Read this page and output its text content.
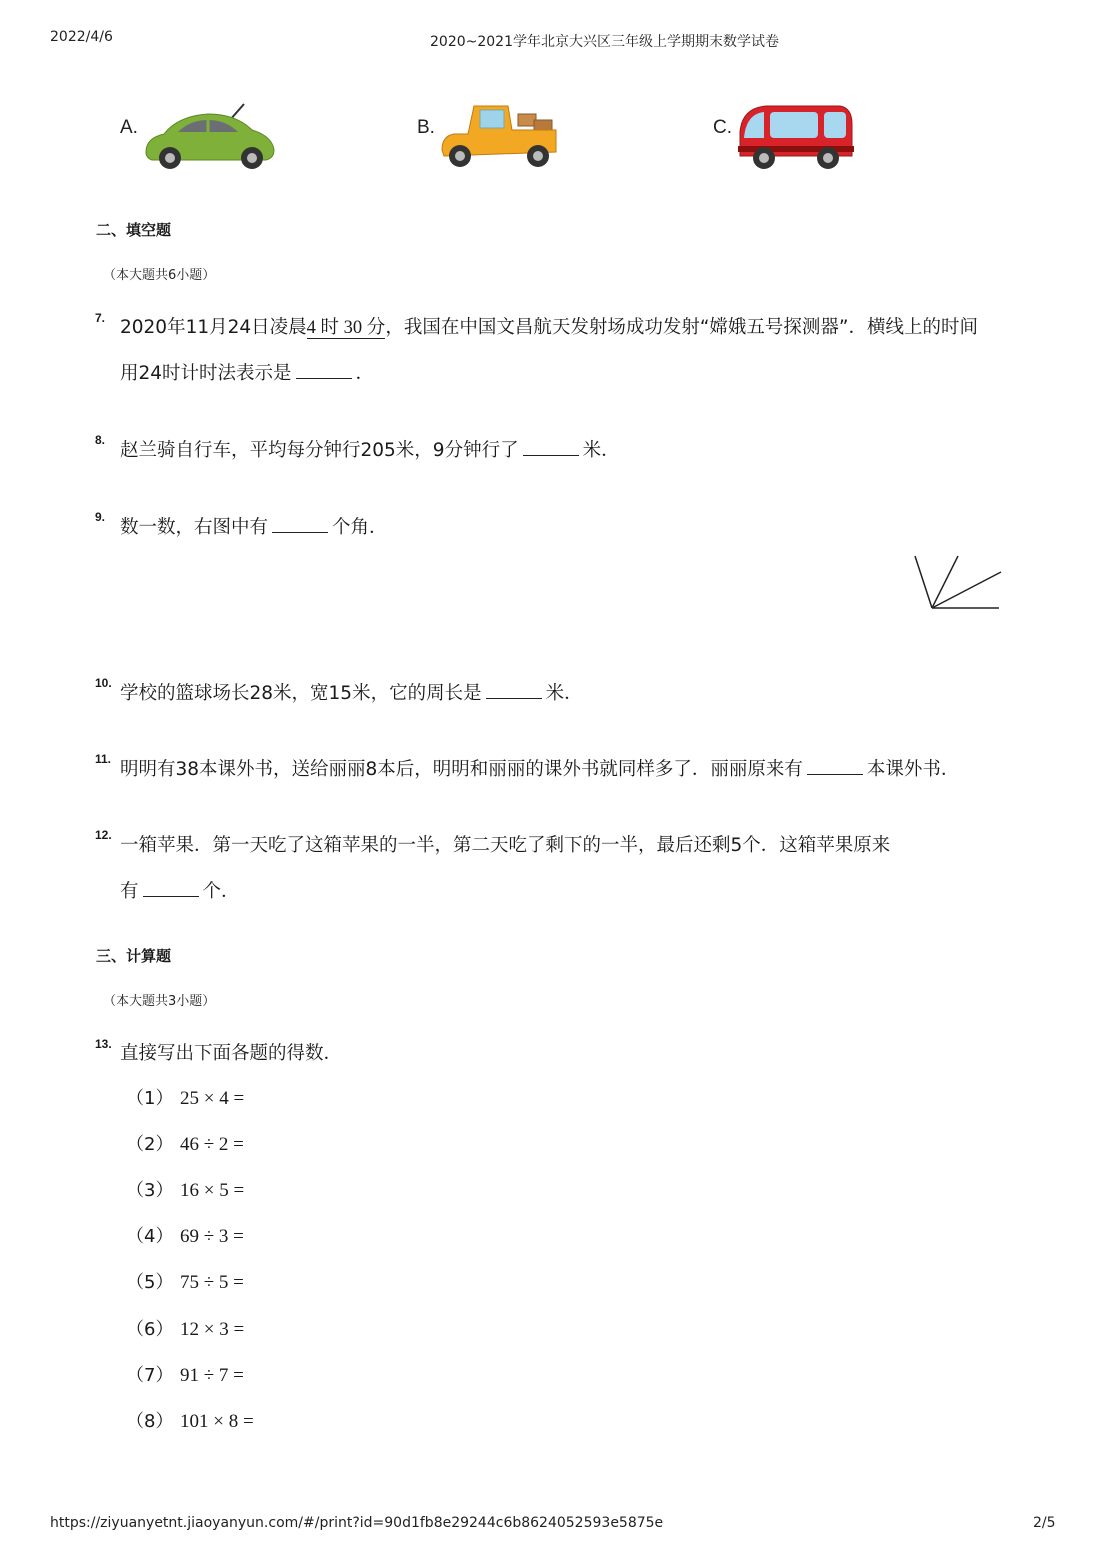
2022/4/6	2020~2021学年北京大兴区三年级上学期期末数学试卷
A.	B.	C.
二、填空题
（本大题共6小题）
7. 2020年11月24日凌晨4 时 30 分，我国在中国文昌航天发射场成功发射“嫦娥五号探测器”．横线上的时间
用24时计时法表示是	．
8. 赵兰骑自行车，平均每分钟行205米，9分钟行了	米．
9. 数一数，右图中有	个角．
10. 学校的篮球场长28米，宽15米，它的周长是	米．
11. 明明有38本课外书，送给丽丽8本后，明明和丽丽的课外书就同样多了．丽丽原来有	本课外书．
12. 一箱苹果．第一天吃了这箱苹果的一半，第二天吃了剩下的一半，最后还剩5个．这箱苹果原来
有	个．
三、计算题
（本大题共3小题）
13. 直接写出下面各题的得数．
（1） 25 × 4 =
（2） 46 ÷ 2 =
（3） 16 × 5 =
（4） 69 ÷ 3 =
（5） 75 ÷ 5 =
（6） 12 × 3 =
（7） 91 ÷ 7 =
（8） 101 × 8 =
https://ziyuanyetnt.jiaoyanyun.com/#/print?id=90d1fb8e29244c6b8624052593e5875e	2/5
